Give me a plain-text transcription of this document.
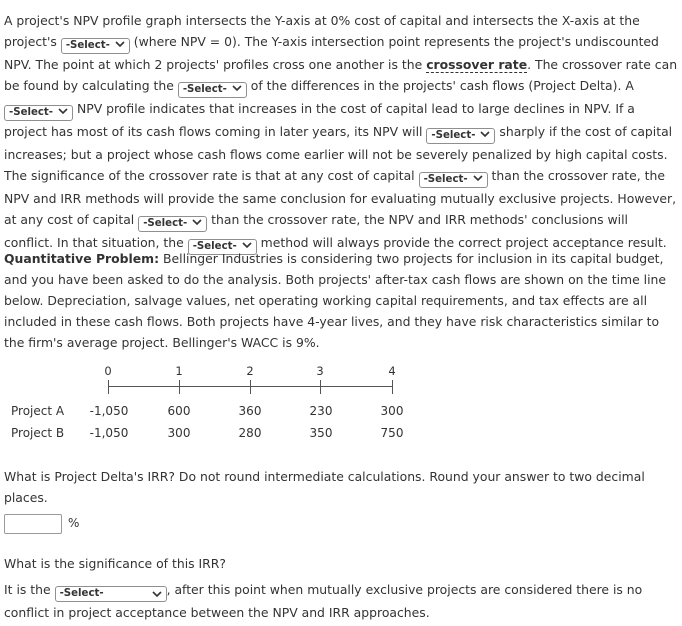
A project's NPV profile graph intersects the Y-axis at 0% cost of capital and intersects the X-axis at the project's -Select- (where NPV = 0). The Y-axis intersection point represents the project's undiscounted NPV. The point at which 2 projects' profiles cross one another is the crossover rate. The crossover rate can be found by calculating the -Select- of the differences in the projects' cash flows (Project Delta). A -Select- NPV profile indicates that increases in the cost of capital lead to large declines in NPV. If a project has most of its cash flows coming in later years, its NPV will -Select- sharply if the cost of capital increases; but a project whose cash flows come earlier will not be severely penalized by high capital costs. The significance of the crossover rate is that at any cost of capital -Select- than the crossover rate, the NPV and IRR methods will provide the same conclusion for evaluating mutually exclusive projects. However, at any cost of capital -Select- than the crossover rate, the NPV and IRR methods' conclusions will conflict. In that situation, the -Select- method will always provide the correct project acceptance result.

Quantitative Problem: Bellinger Industries is considering two projects for inclusion in its capital budget, and you have been asked to do the analysis. Both projects' after-tax cash flows are shown on the time line below. Depreciation, salvage values, net operating working capital requirements, and tax effects are all included in these cash flows. Both projects have 4-year lives, and they have risk characteristics similar to the firm's average project. Bellinger's WACC is 9%.

0	1	2	3	4
Project A	-1,050	600	360	230	300
Project B	-1,050	300	280	350	750

What is Project Delta's IRR? Do not round intermediate calculations. Round your answer to two decimal places.

%

What is the significance of this IRR?

It is the -Select-	, after this point when mutually exclusive projects are considered there is no conflict in project acceptance between the NPV and IRR approaches.
